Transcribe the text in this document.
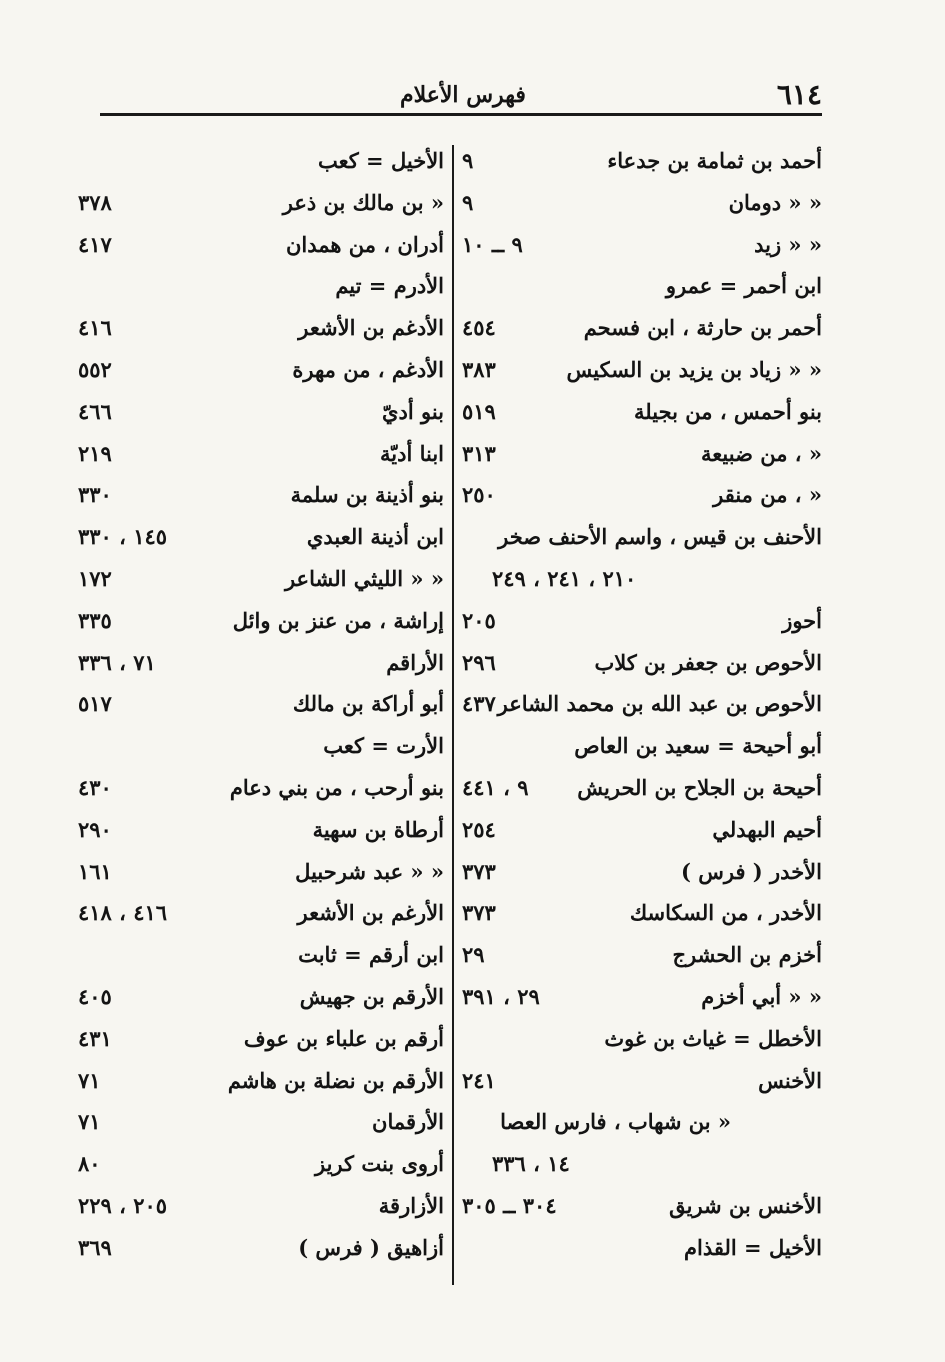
٦١٤
فهرس الأعلام
أحمد بن ثمامة بن جدعاء
٩
« « دومان
٩
« « زيد
٩ ــ ١٠
ابن أحمر = عمرو
أحمر بن حارثة ، ابن فسحم
٤٥٤
« « زياد بن يزيد بن السكيس
٣٨٣
بنو أحمس ، من بجيلة
٥١٩
« ، من ضبيعة
٣١٣
« ، من منقر
٢٥٠
الأحنف بن قيس ، واسم الأحنف صخر
٢١٠ ، ٢٤١ ، ٢٤٩
أحوز
٢٠٥
الأحوص بن جعفر بن كلاب
٢٩٦
الأحوص بن عبد الله بن محمد الشاعر
٤٣٧
أبو أحيحة = سعيد بن العاص
أحيحة بن الجلاح بن الحريش
٩ ، ٤٤١
أحيم البهدلي
٢٥٤
الأخدر ( فرس )
٣٧٣
الأخدر ، من السكاسك
٣٧٣
أخزم بن الحشرج
٢٩
« « أبي أخزم
٢٩ ، ٣٩١
الأخطل = غياث بن غوث
الأخنس
٢٤١
« بن شهاب ، فارس العصا
١٤ ، ٣٣٦
الأخنس بن شريق
٣٠٤ ــ ٣٠٥
الأخيل = القذام
الأخيل = كعب
« بن مالك بن ذعر
٣٧٨
أدران ، من همدان
٤١٧
الأدرم = تيم
الأدغم بن الأشعر
٤١٦
الأدغم ، من مهرة
٥٥٢
بنو أديّ
٤٦٦
ابنا أديّة
٢١٩
بنو أذينة بن سلمة
٣٣٠
ابن أذينة العبدي
١٤٥ ، ٣٣٠
« « الليثي الشاعر
١٧٢
إراشة ، من عنز بن وائل
٣٣٥
الأراقم
٧١ ، ٣٣٦
أبو أراكة بن مالك
٥١٧
الأرت = كعب
بنو أرحب ، من بني دعام
٤٣٠
أرطاة بن سهية
٢٩٠
« « عبد شرحبيل
١٦١
الأرغم بن الأشعر
٤١٦ ، ٤١٨
ابن أرقم = ثابت
الأرقم بن جهيش
٤٠٥
أرقم بن علباء بن عوف
٤٣١
الأرقم بن نضلة بن هاشم
٧١
الأرقمان
٧١
أروى بنت كريز
٨٠
الأزارقة
٢٠٥ ، ٢٢٩
أزاهيق ( فرس )
٣٦٩
